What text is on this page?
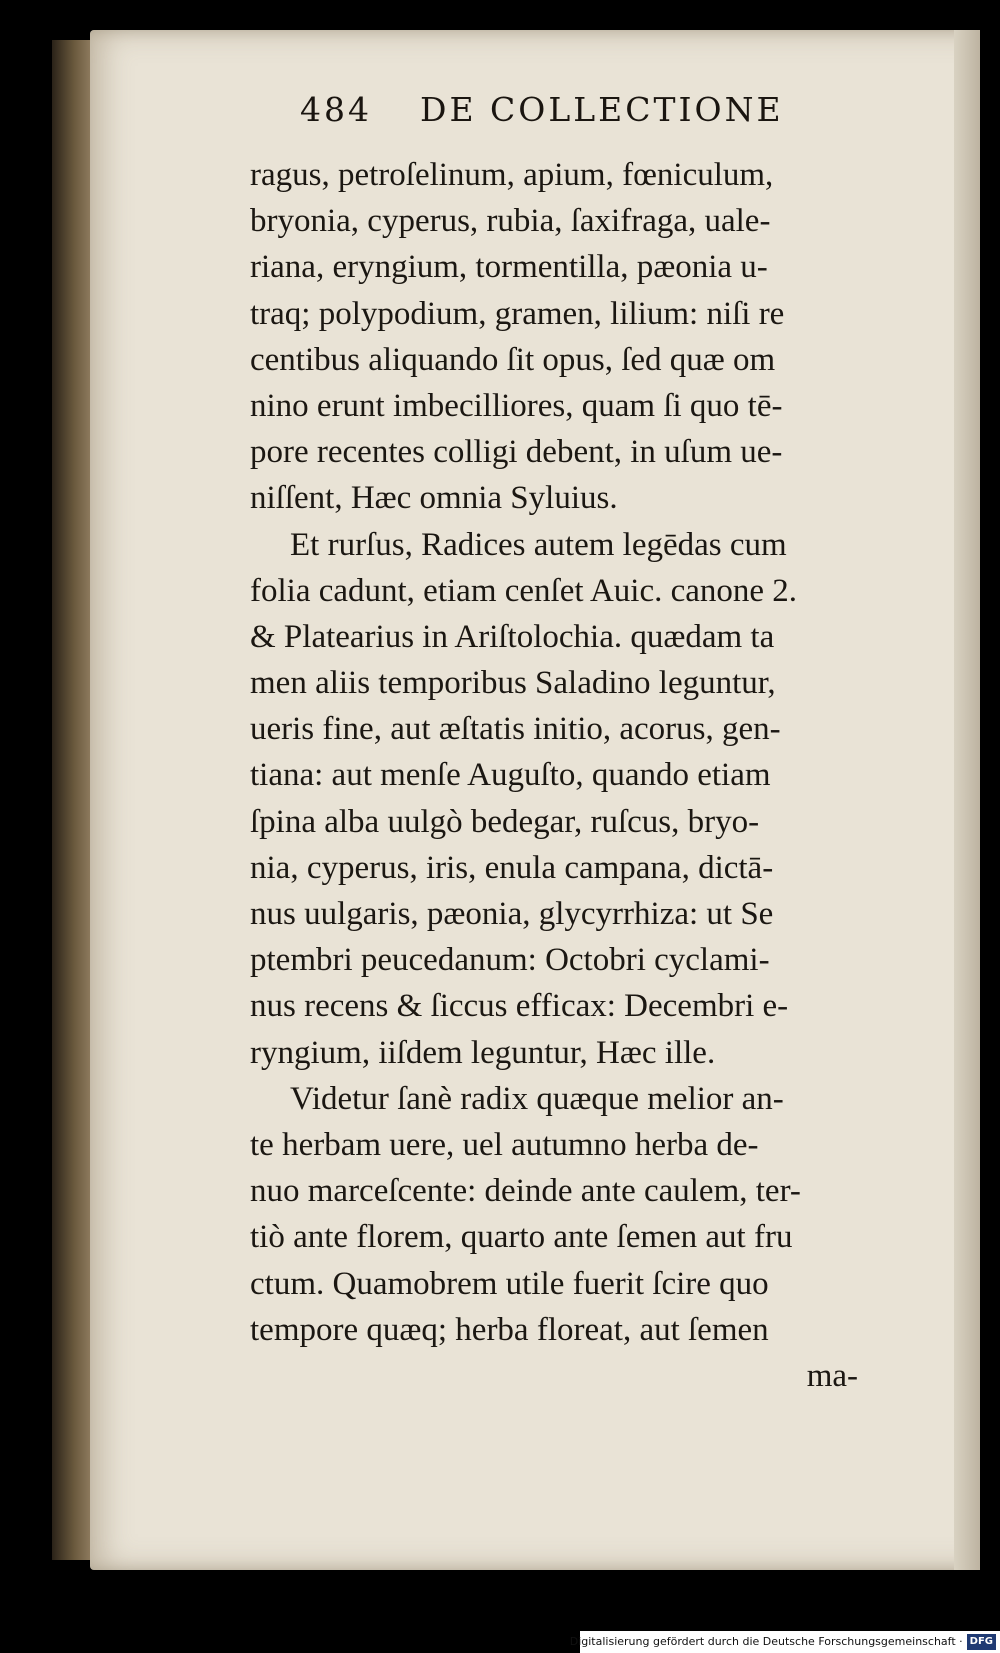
484 DE COLLECTIONE
ragus, petroſelinum, apium, fœniculum,
bryonia, cyperus, rubia, ſaxifraga, uale-
riana, eryngium, tormentilla, pæonia u-
traq; polypodium, gramen, lilium: niſi re
centibus aliquando ſit opus, ſed quæ om
nino erunt imbecilliores, quam ſi quo tē-
pore recentes colligi debent, in uſum ue-
niſſent, Hæc omnia Syluius.
Et rurſus, Radices autem legēdas cum
folia cadunt, etiam cenſet Auic. canone 2.
& Platearius in Ariſtolochia. quædam ta
men aliis temporibus Saladino leguntur,
ueris fine, aut æſtatis initio, acorus, gen-
tiana: aut menſe Auguſto, quando etiam
ſpina alba uulgò bedegar, ruſcus, bryo-
nia, cyperus, iris, enula campana, dictā-
nus uulgaris, pæonia, glycyrrhiza: ut Se
ptembri peucedanum: Octobri cyclami-
nus recens & ſiccus efficax: Decembri e-
ryngium, iiſdem leguntur, Hæc ille.
Videtur ſanè radix quæque melior an-
te herbam uere, uel autumno herba de-
nuo marceſcente: deinde ante caulem, ter-
tiò ante florem, quarto ante ſemen aut fru
ctum. Quamobrem utile fuerit ſcire quo
tempore quæq; herba floreat, aut ſemen
ma-
Digitalisierung gefördert durch die Deutsche Forschungsgemeinschaft · DFG
